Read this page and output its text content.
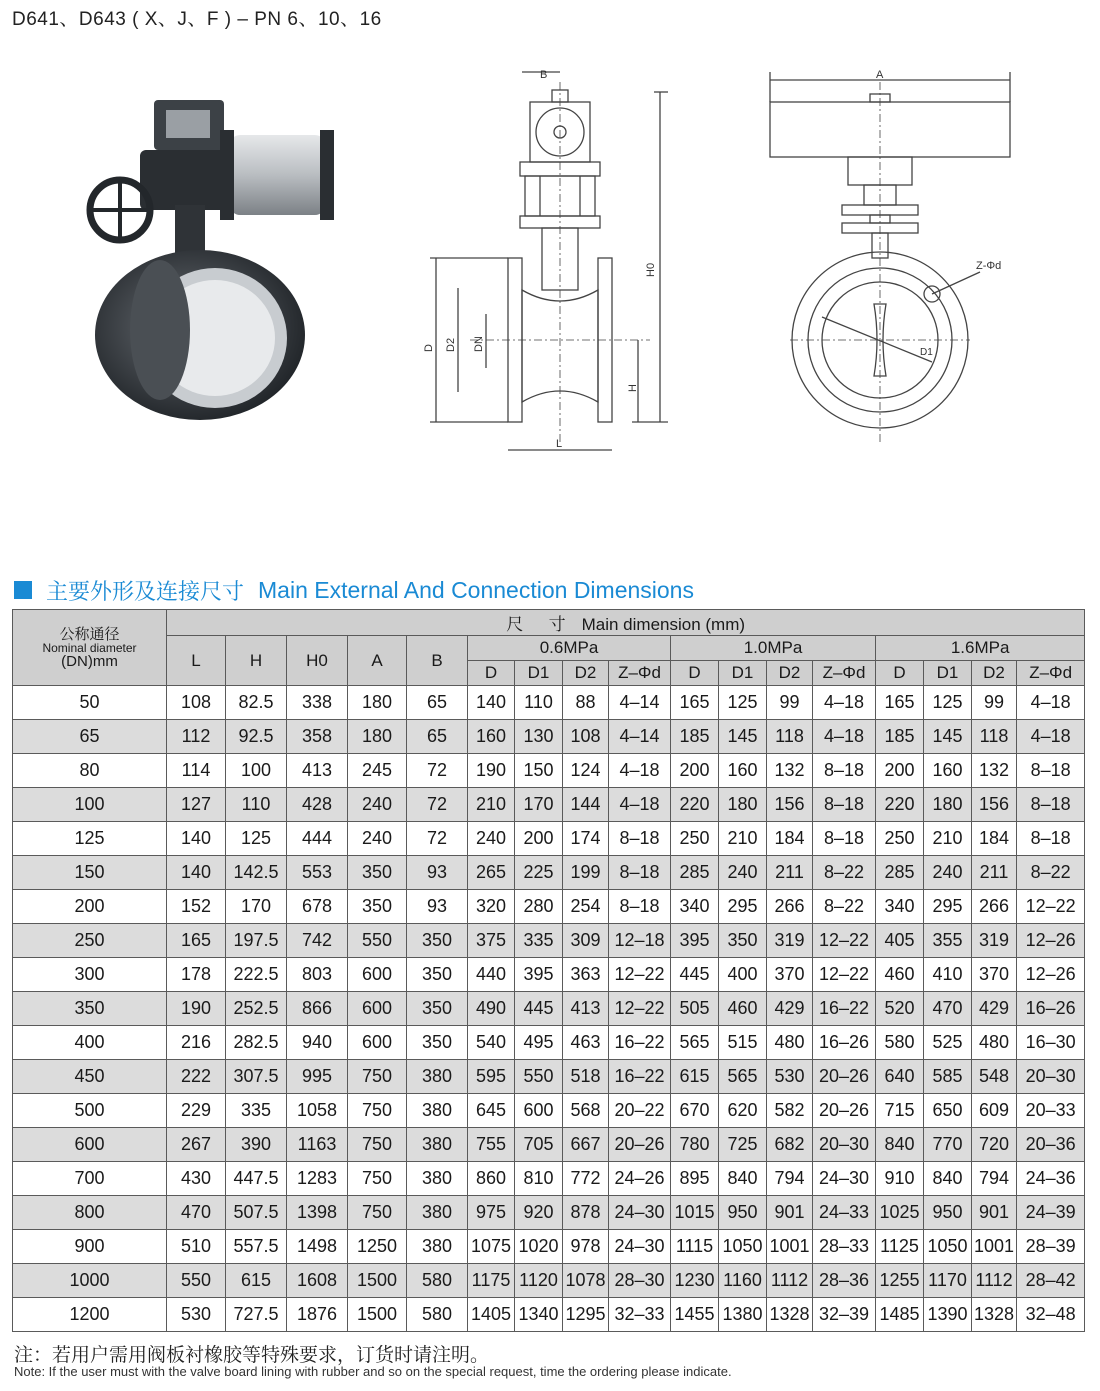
D641、D643 ( X、J、F ) – PN 6、10、16
B
H0
D D2 DN
H
L
A
Z-Φd
D1
主要外形及连接尺寸 Main External And Connection Dimensions
公称通径
Nominal diameter
(DN)mm	尺 寸 Main dimension (mm)																
	L	H	H0	A	B	0.6MPa				1.0MPa				1.6MPa			
						D	D1	D2	Z–Φd	D	D1	D2	Z–Φd	D	D1	D2	Z–Φd
50	108	82.5	338	180	65	140	110	88	4–14	165	125	99	4–18	165	125	99	4–18
65	112	92.5	358	180	65	160	130	108	4–14	185	145	118	4–18	185	145	118	4–18
80	114	100	413	245	72	190	150	124	4–18	200	160	132	8–18	200	160	132	8–18
100	127	110	428	240	72	210	170	144	4–18	220	180	156	8–18	220	180	156	8–18
125	140	125	444	240	72	240	200	174	8–18	250	210	184	8–18	250	210	184	8–18
150	140	142.5	553	350	93	265	225	199	8–18	285	240	211	8–22	285	240	211	8–22
200	152	170	678	350	93	320	280	254	8–18	340	295	266	8–22	340	295	266	12–22
250	165	197.5	742	550	350	375	335	309	12–18	395	350	319	12–22	405	355	319	12–26
300	178	222.5	803	600	350	440	395	363	12–22	445	400	370	12–22	460	410	370	12–26
350	190	252.5	866	600	350	490	445	413	12–22	505	460	429	16–22	520	470	429	16–26
400	216	282.5	940	600	350	540	495	463	16–22	565	515	480	16–26	580	525	480	16–30
450	222	307.5	995	750	380	595	550	518	16–22	615	565	530	20–26	640	585	548	20–30
500	229	335	1058	750	380	645	600	568	20–22	670	620	582	20–26	715	650	609	20–33
600	267	390	1163	750	380	755	705	667	20–26	780	725	682	20–30	840	770	720	20–36
700	430	447.5	1283	750	380	860	810	772	24–26	895	840	794	24–30	910	840	794	24–36
800	470	507.5	1398	750	380	975	920	878	24–30	1015	950	901	24–33	1025	950	901	24–39
900	510	557.5	1498	1250	380	1075	1020	978	24–30	1115	1050	1001	28–33	1125	1050	1001	28–39
1000	550	615	1608	1500	580	1175	1120	1078	28–30	1230	1160	1112	28–36	1255	1170	1112	28–42
1200	530	727.5	1876	1500	580	1405	1340	1295	32–33	1455	1380	1328	32–39	1485	1390	1328	32–48
注：若用户需用阀板衬橡胶等特殊要求，订货时请注明。
Note: If the user must with the valve board lining with rubber and so on the special request, time the ordering please indicate.
